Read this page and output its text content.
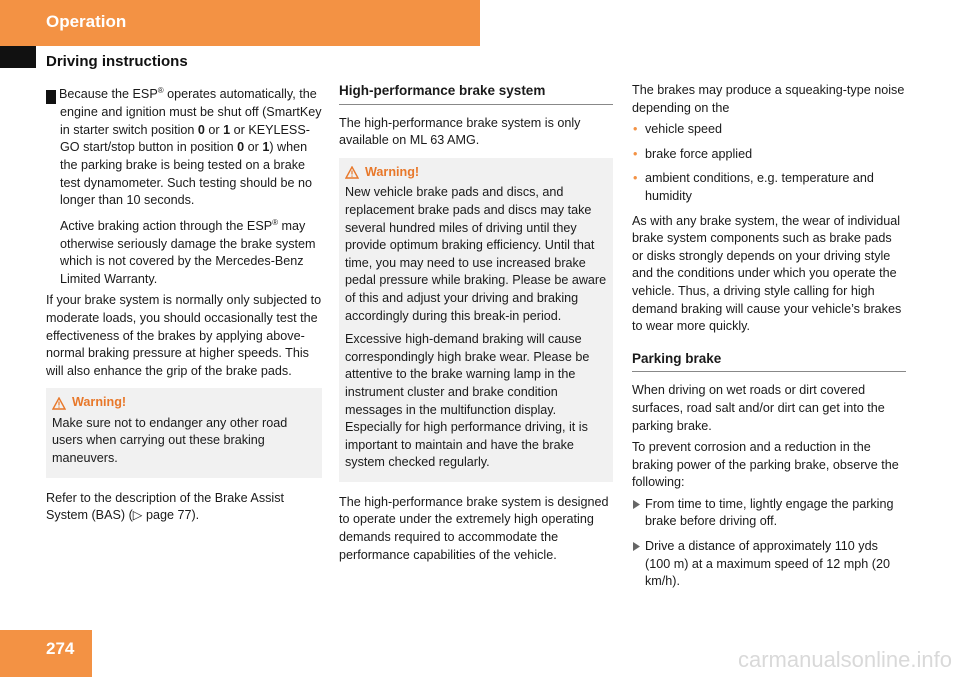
Operation
Driving instructions

! Because the ESP® operates automatically, the engine and ignition must be shut off (SmartKey in starter switch position 0 or 1 or KEYLESS-GO start/stop button in position 0 or 1) when the parking brake is being tested on a brake test dynamometer. Such testing should be no longer than 10 seconds.

Active braking action through the ESP® may otherwise seriously damage the brake system which is not covered by the Mercedes-Benz Limited Warranty.

If your brake system is normally only subjected to moderate loads, you should occasionally test the effectiveness of the brakes by applying above-normal braking pressure at higher speeds. This will also enhance the grip of the brake pads.

Warning!

Make sure not to endanger any other road users when carrying out these braking maneuvers.

Refer to the description of the Brake Assist System (BAS) (▷ page 77).

High-performance brake system

The high-performance brake system is only available on ML 63 AMG.

Warning!

New vehicle brake pads and discs, and replacement brake pads and discs may take several hundred miles of driving until they provide optimum braking efficiency. Until that time, you may need to use increased brake pedal pressure while braking. Please be aware of this and adjust your driving and braking accordingly during this break-in period.

Excessive high-demand braking will cause correspondingly high brake wear. Please be attentive to the brake warning lamp in the instrument cluster and brake condition messages in the multifunction display. Especially for high performance driving, it is important to maintain and have the brake system checked regularly.

The high-performance brake system is designed to operate under the extremely high operating demands required to accommodate the performance capabilities of the vehicle.

The brakes may produce a squeaking-type noise depending on the

• vehicle speed
• brake force applied
• ambient conditions, e.g. temperature and humidity

As with any brake system, the wear of individual brake system components such as brake pads or disks strongly depends on your driving style and the conditions under which you operate the vehicle. Thus, a driving style calling for high demand braking will cause your vehicle’s brakes to wear more quickly.

Parking brake

When driving on wet roads or dirt covered surfaces, road salt and/or dirt can get into the parking brake.

To prevent corrosion and a reduction in the braking power of the parking brake, observe the following:

From time to time, lightly engage the parking brake before driving off.
Drive a distance of approximately 110 yds (100 m) at a maximum speed of 12 mph (20 km/h).
274	carmanualsonline.info
